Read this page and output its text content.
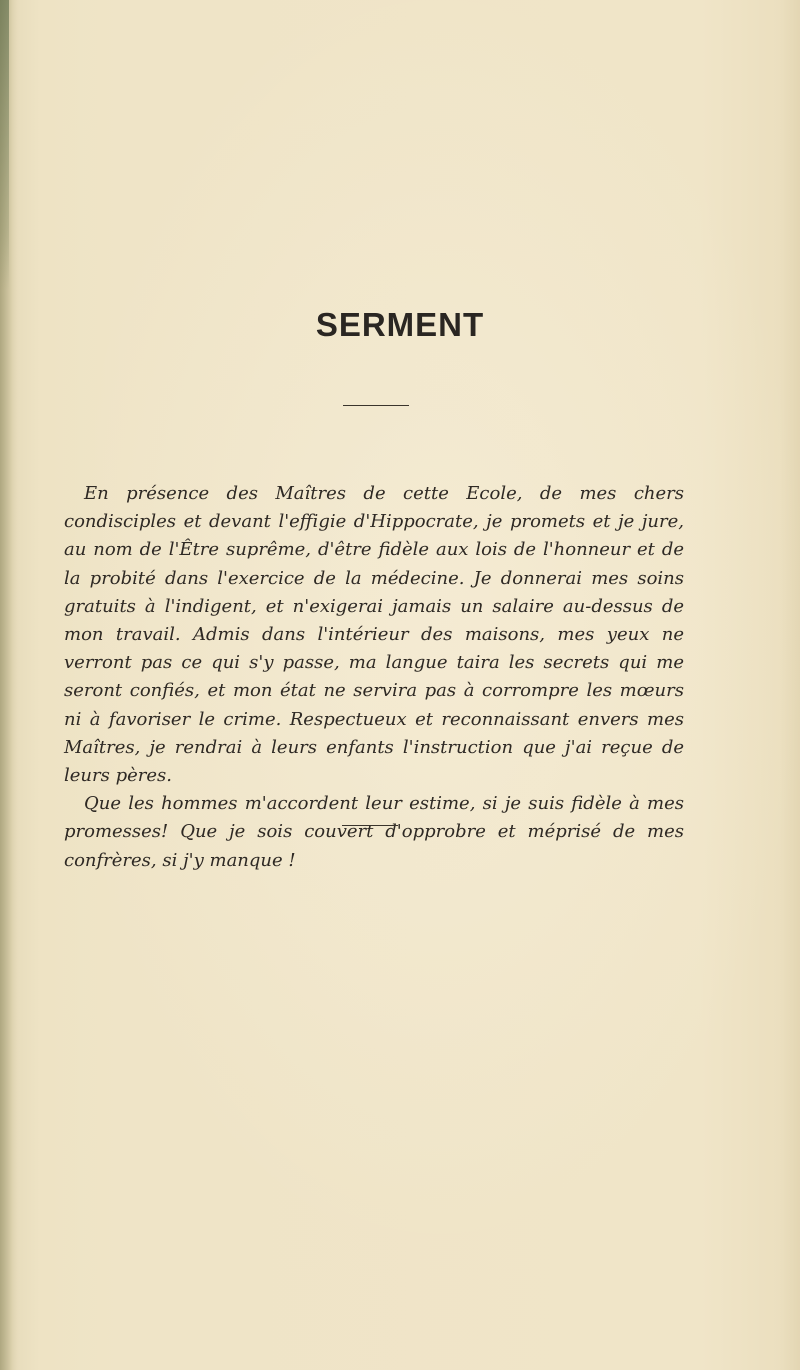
SERMENT

En présence des Maîtres de cette Ecole, de mes chers condisciples et devant l'effigie d'Hippocrate, je promets et je jure, au nom de l'Être suprême, d'être fidèle aux lois de l'honneur et de la probité dans l'exercice de la médecine. Je donnerai mes soins gratuits à l'indigent, et n'exigerai jamais un salaire au-dessus de mon travail. Admis dans l'intérieur des maisons, mes yeux ne verront pas ce qui s'y passe, ma langue taira les secrets qui me seront confiés, et mon état ne servira pas à corrompre les mœurs ni à favoriser le crime. Respectueux et reconnaissant envers mes Maîtres, je rendrai à leurs enfants l'instruction que j'ai reçue de leurs pères.

Que les hommes m'accordent leur estime, si je suis fidèle à mes promesses! Que je sois couvert d'opprobre et méprisé de mes confrères, si j'y manque !
